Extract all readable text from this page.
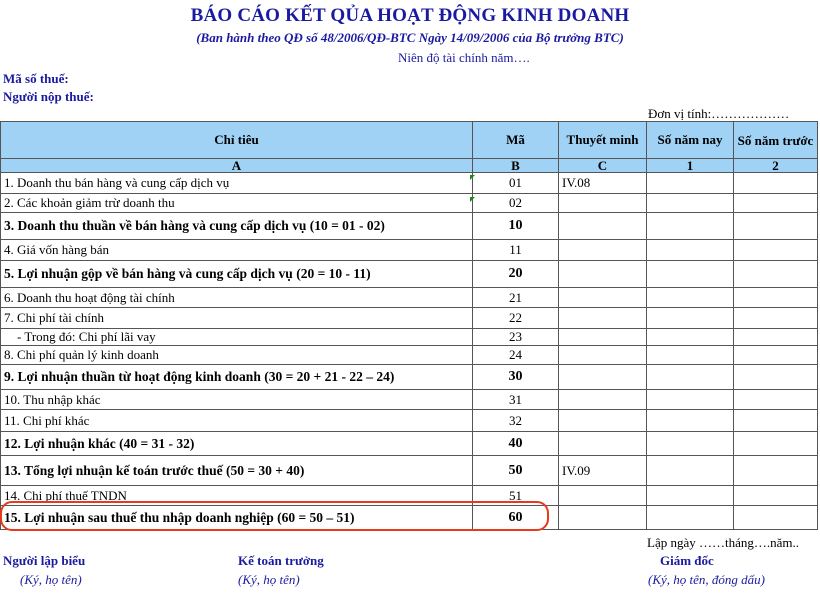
BÁO CÁO KẾT QỦA HOẠT ĐỘNG KINH DOANH
(Ban hành theo QĐ số 48/2006/QĐ-BTC Ngày 14/09/2006 của Bộ trưởng BTC)
Niên độ tài chính năm….
Mã số thuế:
Người nộp thuế:
Đơn vị tính:………………
Chỉ tiêu	Mã	Thuyết minh	Số năm nay	Số năm trước
A	B	C	1	2
1. Doanh thu bán hàng và cung cấp dịch vụ	01	IV.08		
2. Các khoản giảm trừ doanh thu	02			
3. Doanh thu thuần về bán hàng và cung cấp dịch vụ (10 = 01 - 02)	10			
4. Giá vốn hàng bán	11			
5. Lợi nhuận gộp về bán hàng và cung cấp dịch vụ (20 = 10 - 11)	20			
6. Doanh thu hoạt động tài chính	21			
7. Chi phí tài chính	22			
- Trong đó: Chi phí lãi vay	23			
8. Chi phí quản lý kinh doanh	24			
9. Lợi nhuận thuần từ hoạt động kinh doanh (30 = 20 + 21 - 22 – 24)	30			
10. Thu nhập khác	31			
11. Chi phí khác	32			
12. Lợi nhuận khác (40 = 31 - 32)	40			
13. Tổng lợi nhuận kế toán trước thuế (50 = 30 + 40)	50	IV.09		
14. Chi phí thuế TNDN	51			
15. Lợi nhuận sau thuế thu nhập doanh nghiệp (60 = 50 – 51)	60			
Lập ngày ……tháng….năm..
Người lập biểu
(Ký, họ tên)
Kế toán trưởng
(Ký, họ tên)
Giám đốc
(Ký, họ tên, đóng dấu)
